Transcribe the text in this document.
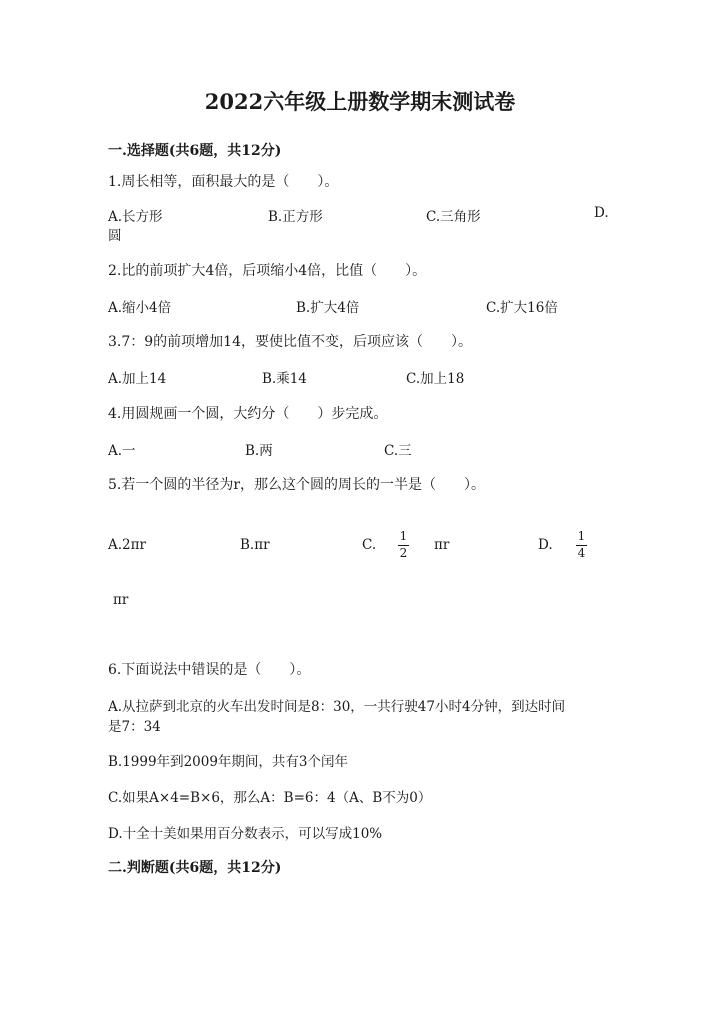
2022六年级上册数学期末测试卷
一.选择题(共6题，共12分)
1.周长相等，面积最大的是（　　）。
A.长方形	B.正方形	C.三角形	D.
圆
2.比的前项扩大4倍，后项缩小4倍，比值（　　）。
A.缩小4倍	B.扩大4倍	C.扩大16倍
3.7：9的前项增加14，要使比值不变，后项应该（　　）。
A.加上14	B.乘14	C.加上18
4.用圆规画一个圆，大约分（　　）步完成。
A.一	B.两	C.三
5.若一个圆的半径为r，那么这个圆的周长的一半是（　　）。
A.2πr	B.πr	C.
1
2 πr	D.
1
4
πr
6.下面说法中错误的是（　　）。
A.从拉萨到北京的火车出发时间是8：30，一共行驶47小时4分钟，到达时间
是7：34
B.1999年到2009年期间，共有3个闰年
C.如果A×4=B×6，那么A：B=6：4（A、B不为0）
D.十全十美如果用百分数表示，可以写成10%
二.判断题(共6题，共12分)
